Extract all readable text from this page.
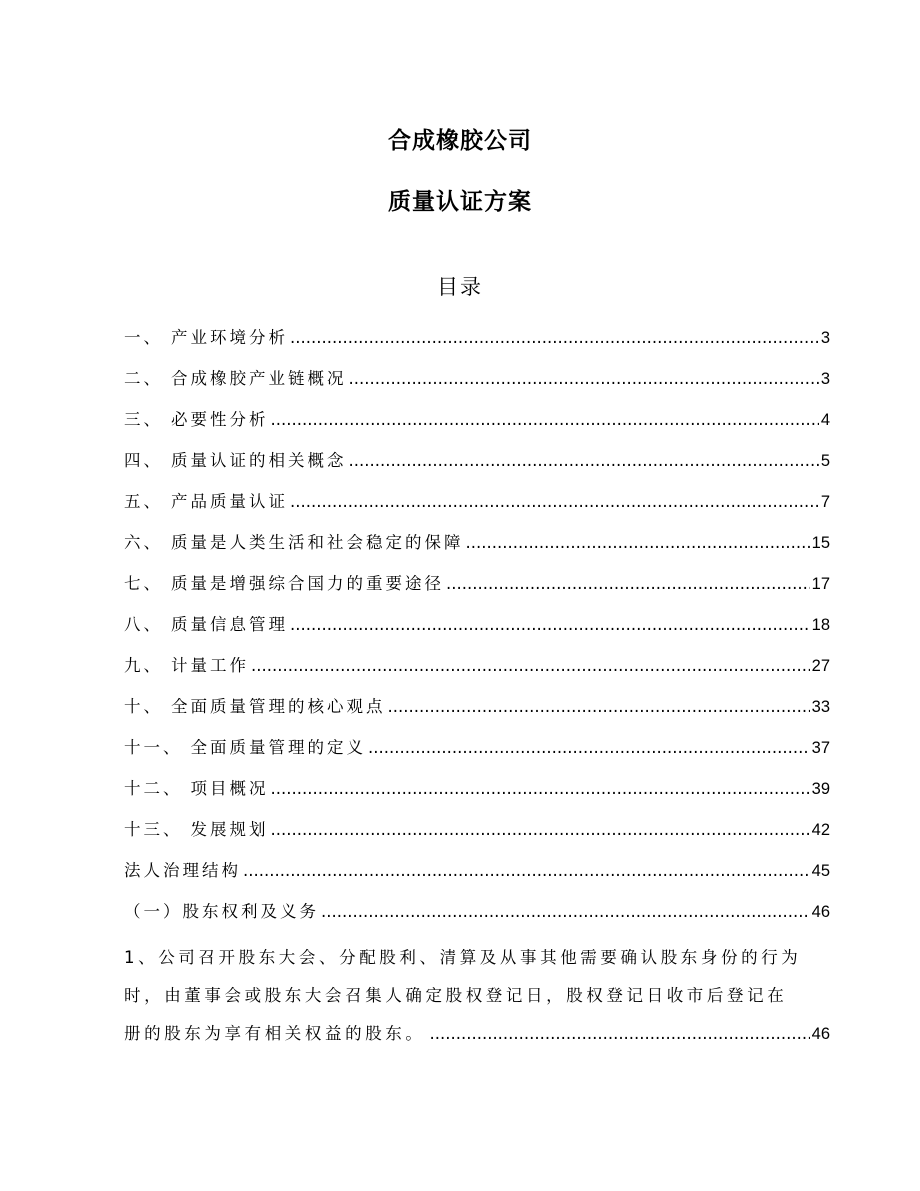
合成橡胶公司
质量认证方案
目录
一、 产业环境分析 .....	3
二、 合成橡胶产业链概况 .....	3
三、 必要性分析 .....	4
四、 质量认证的相关概念 .....	5
五、 产品质量认证 .....	7
六、 质量是人类生活和社会稳定的保障 .....	15
七、 质量是增强综合国力的重要途径 .....	17
八、 质量信息管理 .....	18
九、 计量工作 .....	27
十、 全面质量管理的核心观点 .....	33
十一、 全面质量管理的定义 .....	37
十二、 项目概况 .....	39
十三、 发展规划 .....	42
法人治理结构 .....	45
（一）股东权利及义务 .....	46
1、公司召开股东大会、分配股利、清算及从事其他需要确认股东身份的行为
时，由董事会或股东大会召集人确定股权登记日，股权登记日收市后登记在
册的股东为享有相关权益的股东。 .....	46
